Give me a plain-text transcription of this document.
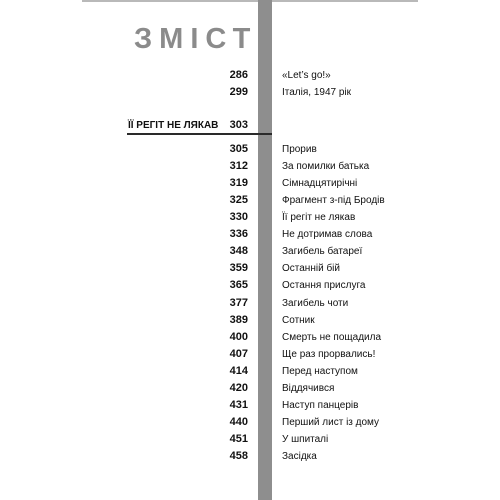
ЗМІСТ
286	«Let’s go!»
299	Італія, 1947 рік
ЇЇ РЕГІТ НЕ ЛЯКАВ 303
305	Прорив
312	За помилки батька
319	Сімнадцятирічні
325	Фрагмент з-під Бродів
330	Її регіт не лякав
336	Не дотримав слова
348	Загибель батареї
359	Останній бій
365	Остання прислуга
377	Загибель чоти
389	Сотник
400	Смерть не пощадила
407	Ще раз прорвались!
414	Перед наступом
420	Віддячився
431	Наступ панцерів
440	Перший лист із дому
451	У шпиталі
458	Засідка
